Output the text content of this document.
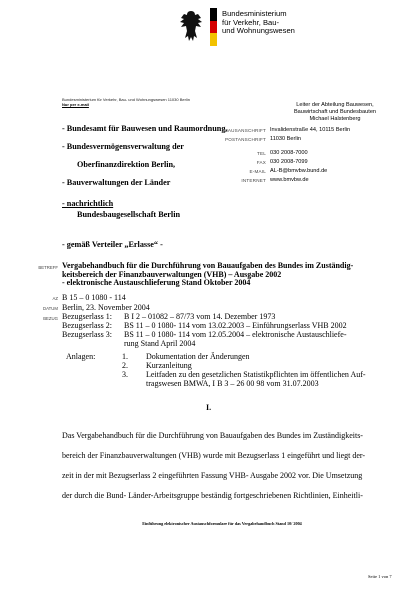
Bundesministerium
für Verkehr, Bau-
und Wohnungswesen
Bundesministerium für Verkehr, Bau- und Wohnungswesen 11030 Berlin
Nur per e-mail
- Bundesamt für Bauwesen und Raumordnung,
- Bundesvermögensverwaltung der
Oberfinanzdirektion Berlin,
- Bauverwaltungen der Länder
- nachrichtlich
Bundesbaugesellschaft Berlin
- gemäß Verteiler „Erlasse“ -
Leiter der Abteilung Bauwesen,
Bauwirtschaft und Bundesbauten
Michael Halstenberg
HAUSANSCHRIFT Invalidenstraße 44, 10115 Berlin
POSTANSCHRIFT 11030 Berlin
TEL 030 2008-7000
FAX 030 2008-7099
E-MAIL AL-B@bmvbw.bund.de
INTERNET www.bmvbw.de
BETREFF Vergabehandbuch für die Durchführung von Bauaufgaben des Bundes im Zuständig-
keitsbereich der Finanzbauverwaltungen (VHB) – Ausgabe 2002
- elektronische Austauschlieferung Stand Oktober 2004
AZ B 15 – 0 1080 - 114
DATUM Berlin, 23. November 2004
BEZUG Bezugserlass 1: B I 2 – 01082 – 87/73 vom 14. Dezember 1973
Bezugserlass 2: BS 11 – 0 1080- 114 vom 13.02.2003 – Einführungserlass VHB 2002
Bezugserlass 3: BS 11 – 0 1080- 114 vom 12.05.2004 – elektronische Austauschliefe-
rung Stand April 2004
Anlagen:	1. Dokumentation der Änderungen
2. Kurzanleitung
3. Leitfaden zu den gesetzlichen Statistikpflichten im öffentlichen Auf-
tragswesen BMWA, I B 3 – 26 00 98 vom 31.07.2003
I.

Das Vergabehandbuch für die Durchführung von Bauaufgaben des Bundes im Zuständigkeits-

bereich der Finanzbauverwaltungen (VHB) wurde mit Bezugserlass 1 eingeführt und liegt der-

zeit in der mit Bezugserlass 2 eingeführten Fassung VHB- Ausgabe 2002 vor. Die Umsetzung

der durch die Bund- Länder-Arbeitsgruppe beständig fortgeschriebenen Richtlinien, Einheitli-

Einführung elektronischer Austauschformulare für das Vergabehandbuch Stand 10/ 2004
Seite 1 von 7
